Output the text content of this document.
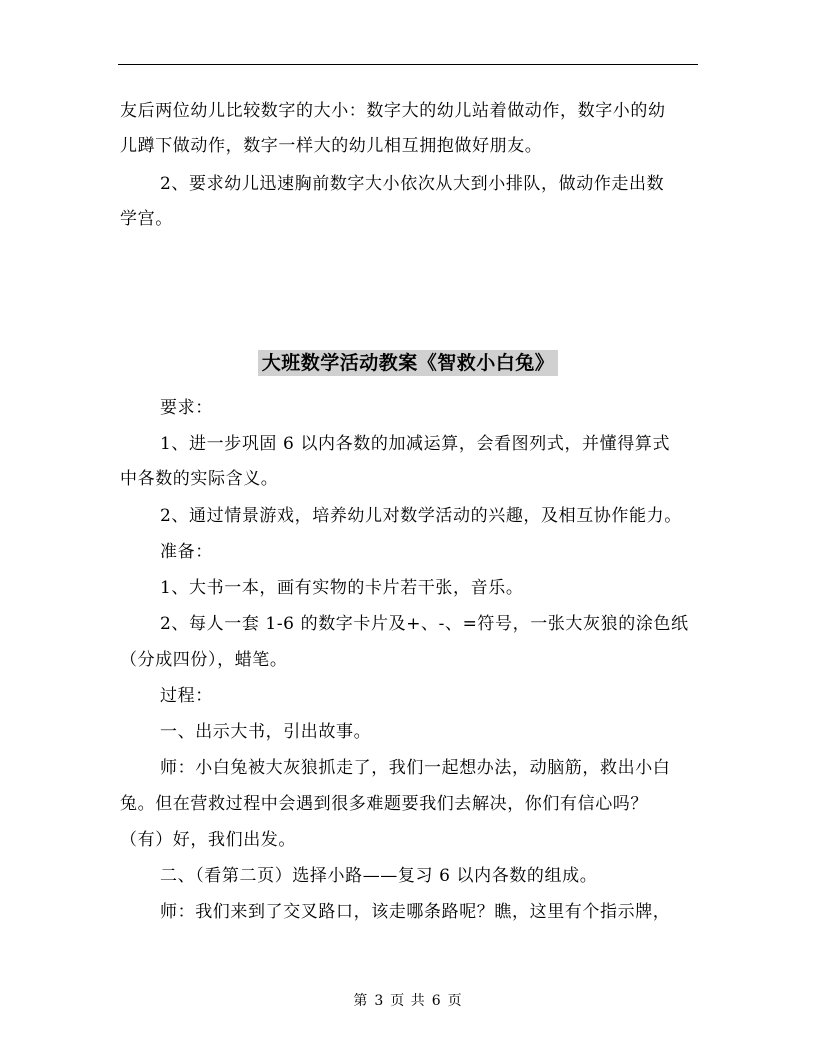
友后两位幼儿比较数字的大小：数字大的幼儿站着做动作，数字小的幼
儿蹲下做动作，数字一样大的幼儿相互拥抱做好朋友。
2、要求幼儿迅速胸前数字大小依次从大到小排队，做动作走出数
学宫。
大班数学活动教案《智救小白兔》
要求：
1、进一步巩固 6 以内各数的加减运算，会看图列式，并懂得算式
中各数的实际含义。
2、通过情景游戏，培养幼儿对数学活动的兴趣，及相互协作能力。
准备：
1、大书一本，画有实物的卡片若干张，音乐。
2、每人一套 1-6 的数字卡片及+、-、=符号，一张大灰狼的涂色纸
（分成四份），蜡笔。
过程：
一、出示大书，引出故事。
师：小白兔被大灰狼抓走了，我们一起想办法，动脑筋，救出小白
兔。但在营救过程中会遇到很多难题要我们去解决，你们有信心吗？
（有）好，我们出发。
二、（看第二页）选择小路——复习 6 以内各数的组成。
师：我们来到了交叉路口，该走哪条路呢？瞧，这里有个指示牌，
第 3 页 共 6 页
